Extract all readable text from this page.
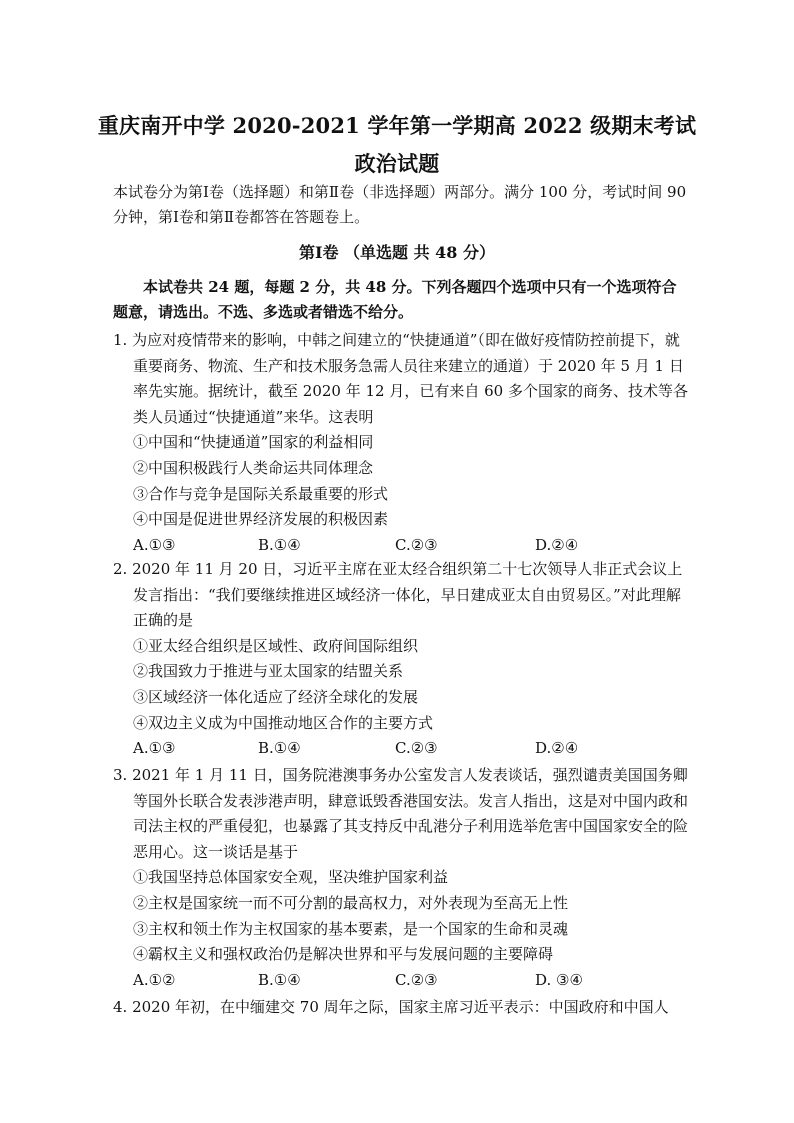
重庆南开中学 2020-2021 学年第一学期高 2022 级期末考试
政治试题
本试卷分为第Ⅰ卷（选择题）和第Ⅱ卷（非选择题）两部分。满分 100 分，考试时间 90 分钟，第Ⅰ卷和第Ⅱ卷都答在答题卷上。
第Ⅰ卷 （单选题 共 48 分）
本试卷共 24 题，每题 2 分，共 48 分。下列各题四个选项中只有一个选项符合题意，请选出。不选、多选或者错选不给分。
1. 为应对疫情带来的影响，中韩之间建立的“快捷通道”（即在做好疫情防控前提下，就重要商务、物流、生产和技术服务急需人员往来建立的通道）于 2020 年 5 月 1 日率先实施。据统计，截至 2020 年 12 月，已有来自 60 多个国家的商务、技术等各类人员通过“快捷通道”来华。这表明
①中国和“快捷通道”国家的利益相同
②中国积极践行人类命运共同体理念
③合作与竞争是国际关系最重要的形式
④中国是促进世界经济发展的积极因素
A.①③	B.①④	C.②③	D.②④
2. 2020 年 11 月 20 日，习近平主席在亚太经合组织第二十七次领导人非正式会议上发言指出：“我们要继续推进区域经济一体化，早日建成亚太自由贸易区。”对此理解正确的是
①亚太经合组织是区域性、政府间国际组织
②我国致力于推进与亚太国家的结盟关系
③区域经济一体化适应了经济全球化的发展
④双边主义成为中国推动地区合作的主要方式
A.①③	B.①④	C.②③	D.②④
3. 2021 年 1 月 11 日，国务院港澳事务办公室发言人发表谈话，强烈谴责美国国务卿等国外长联合发表涉港声明，肆意诋毁香港国安法。发言人指出，这是对中国内政和司法主权的严重侵犯，也暴露了其支持反中乱港分子利用选举危害中国国家安全的险恶用心。这一谈话是基于
①我国坚持总体国家安全观，坚决维护国家利益
②主权是国家统一而不可分割的最高权力，对外表现为至高无上性
③主权和领土作为主权国家的基本要素，是一个国家的生命和灵魂
④霸权主义和强权政治仍是解决世界和平与发展问题的主要障碍
A.①②	B.①④	C.②③	D. ③④
4. 2020 年初，在中缅建交 70 周年之际，国家主席习近平表示：中国政府和中国人
